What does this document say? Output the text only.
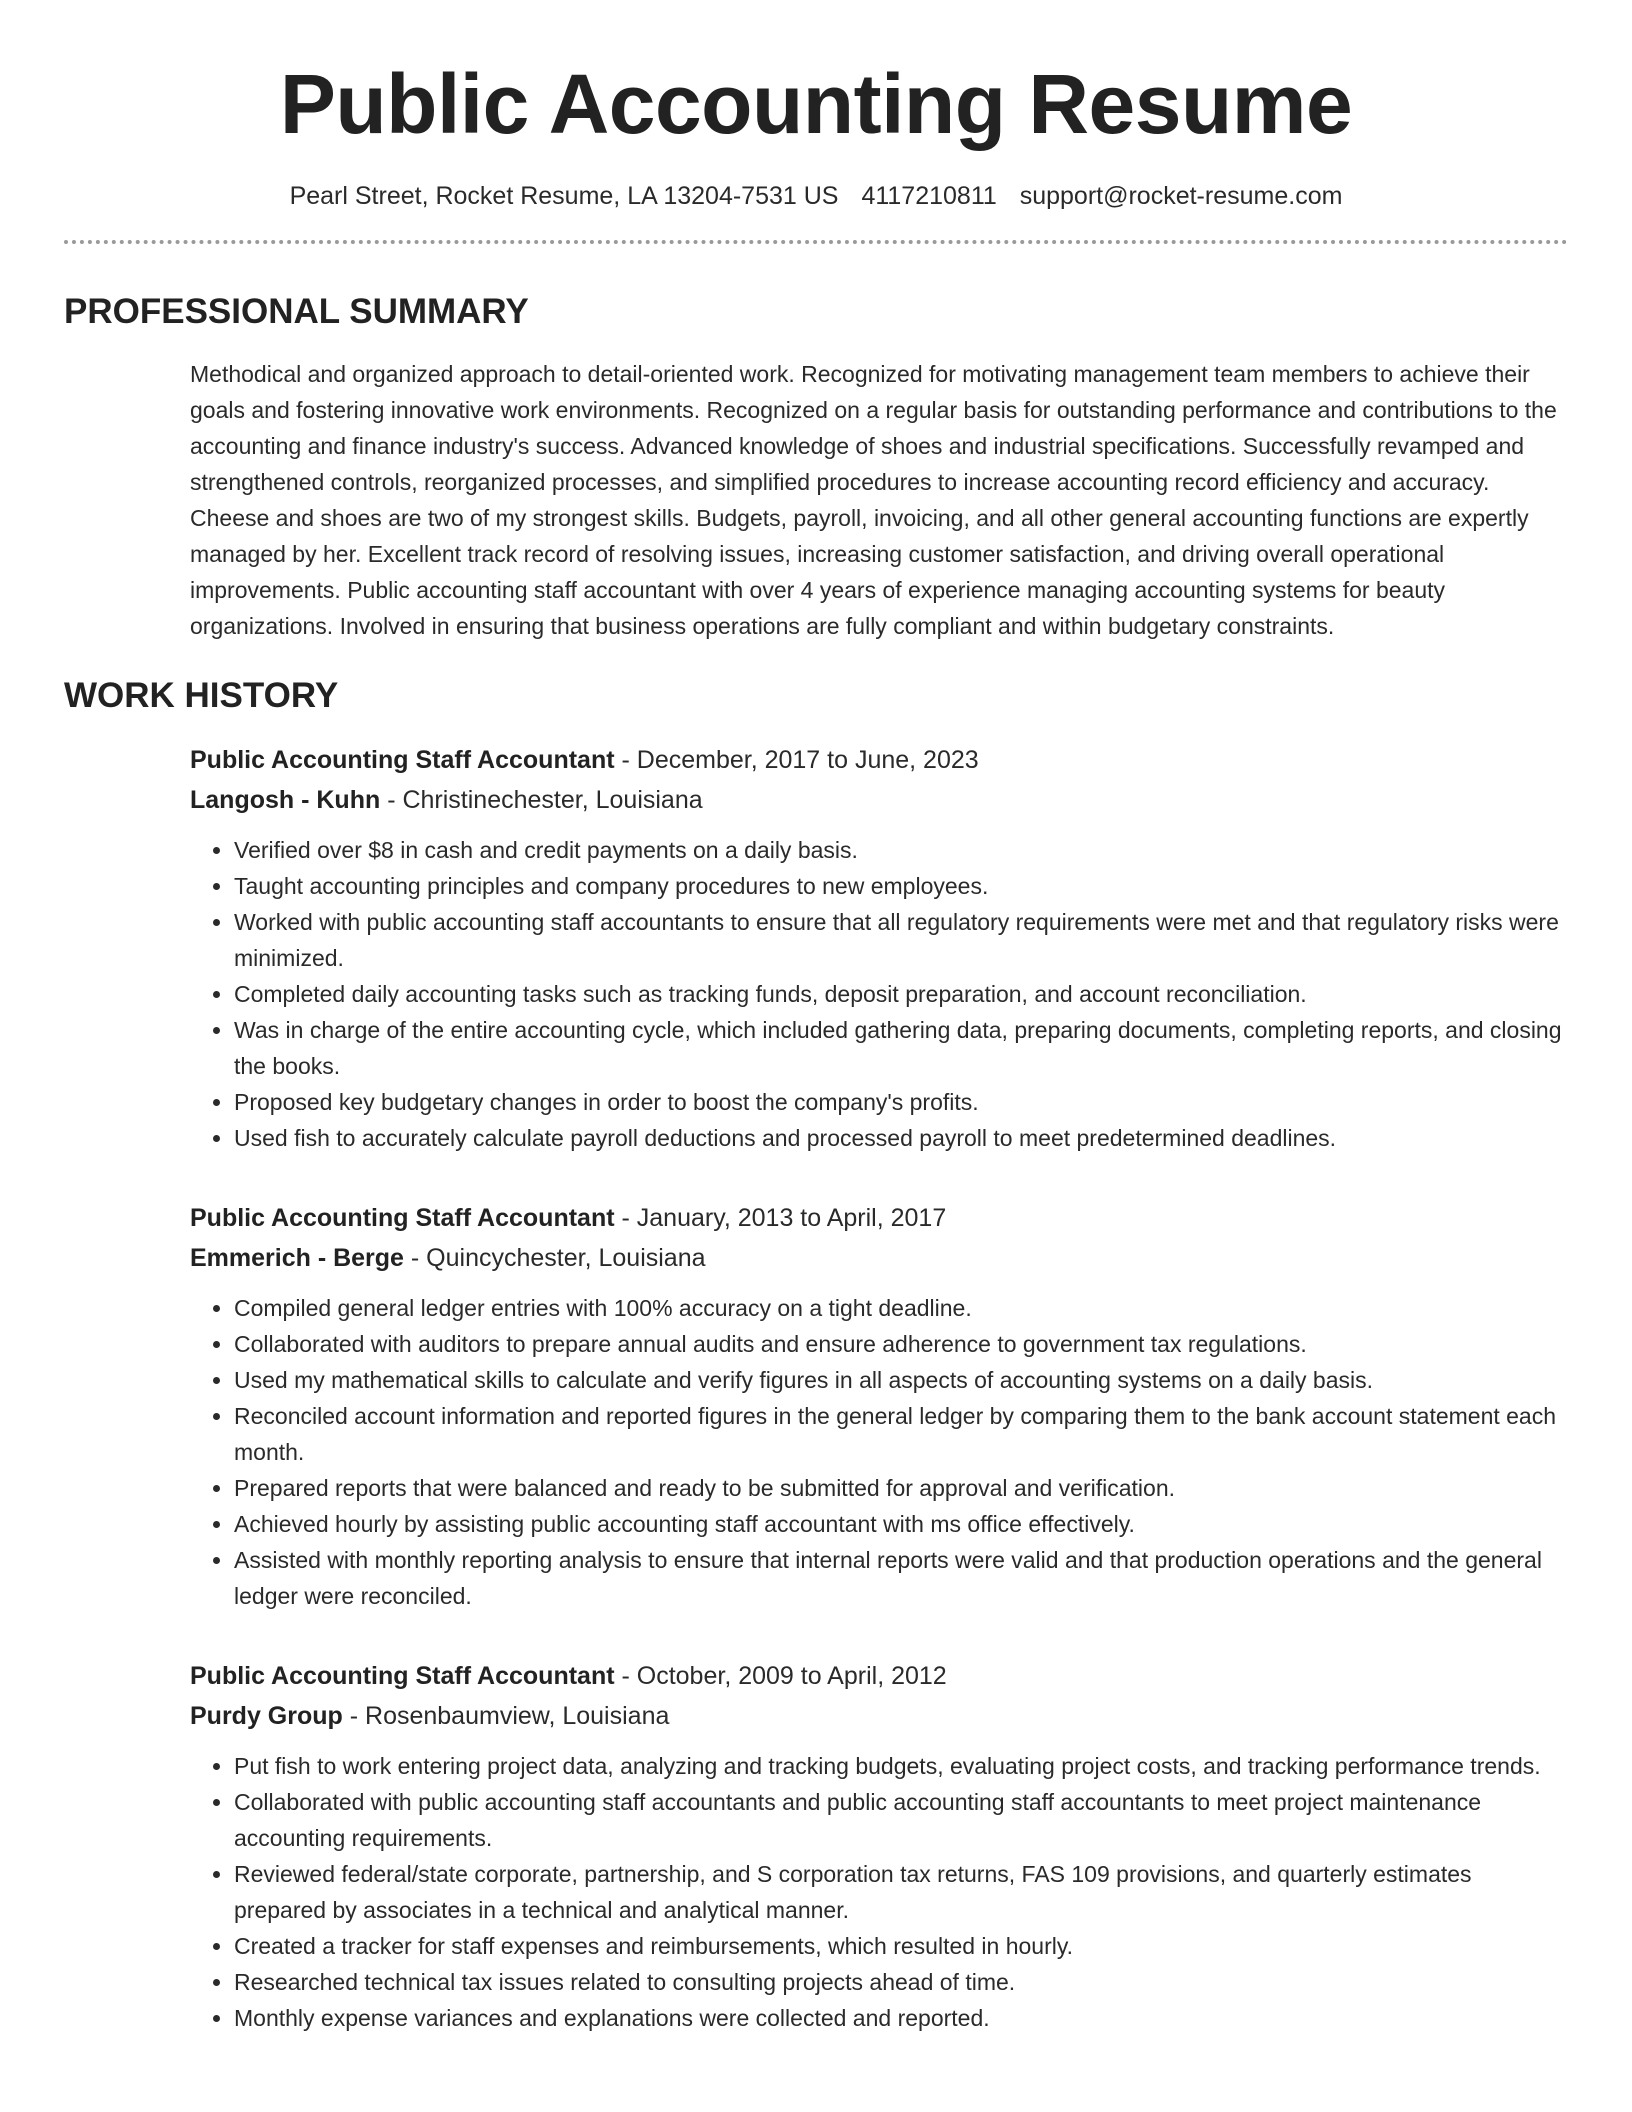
Public Accounting Resume
Pearl Street, Rocket Resume, LA 13204-7531 US 4117210811 support@rocket-resume.com
PROFESSIONAL SUMMARY

Methodical and organized approach to detail-oriented work. Recognized for motivating management team members to achieve their goals and fostering innovative work environments. Recognized on a regular basis for outstanding performance and contributions to the accounting and finance industry's success. Advanced knowledge of shoes and industrial specifications. Successfully revamped and strengthened controls, reorganized processes, and simplified procedures to increase accounting record efficiency and accuracy. Cheese and shoes are two of my strongest skills. Budgets, payroll, invoicing, and all other general accounting functions are expertly managed by her. Excellent track record of resolving issues, increasing customer satisfaction, and driving overall operational improvements. Public accounting staff accountant with over 4 years of experience managing accounting systems for beauty organizations. Involved in ensuring that business operations are fully compliant and within budgetary constraints.

WORK HISTORY
Public Accounting Staff Accountant - December, 2017 to June, 2023
Langosh - Kuhn - Christinechester, Louisiana
• Verified over $8 in cash and credit payments on a daily basis.
• Taught accounting principles and company procedures to new employees.
• Worked with public accounting staff accountants to ensure that all regulatory requirements were met and that regulatory risks were minimized.
• Completed daily accounting tasks such as tracking funds, deposit preparation, and account reconciliation.
• Was in charge of the entire accounting cycle, which included gathering data, preparing documents, completing reports, and closing the books.
• Proposed key budgetary changes in order to boost the company's profits.
• Used fish to accurately calculate payroll deductions and processed payroll to meet predetermined deadlines.
Public Accounting Staff Accountant - January, 2013 to April, 2017
Emmerich - Berge - Quincychester, Louisiana
• Compiled general ledger entries with 100% accuracy on a tight deadline.
• Collaborated with auditors to prepare annual audits and ensure adherence to government tax regulations.
• Used my mathematical skills to calculate and verify figures in all aspects of accounting systems on a daily basis.
• Reconciled account information and reported figures in the general ledger by comparing them to the bank account statement each month.
• Prepared reports that were balanced and ready to be submitted for approval and verification.
• Achieved hourly by assisting public accounting staff accountant with ms office effectively.
• Assisted with monthly reporting analysis to ensure that internal reports were valid and that production operations and the general ledger were reconciled.
Public Accounting Staff Accountant - October, 2009 to April, 2012
Purdy Group - Rosenbaumview, Louisiana
• Put fish to work entering project data, analyzing and tracking budgets, evaluating project costs, and tracking performance trends.
• Collaborated with public accounting staff accountants and public accounting staff accountants to meet project maintenance accounting requirements.
• Reviewed federal/state corporate, partnership, and S corporation tax returns, FAS 109 provisions, and quarterly estimates prepared by associates in a technical and analytical manner.
• Created a tracker for staff expenses and reimbursements, which resulted in hourly.
• Researched technical tax issues related to consulting projects ahead of time.
• Monthly expense variances and explanations were collected and reported.
